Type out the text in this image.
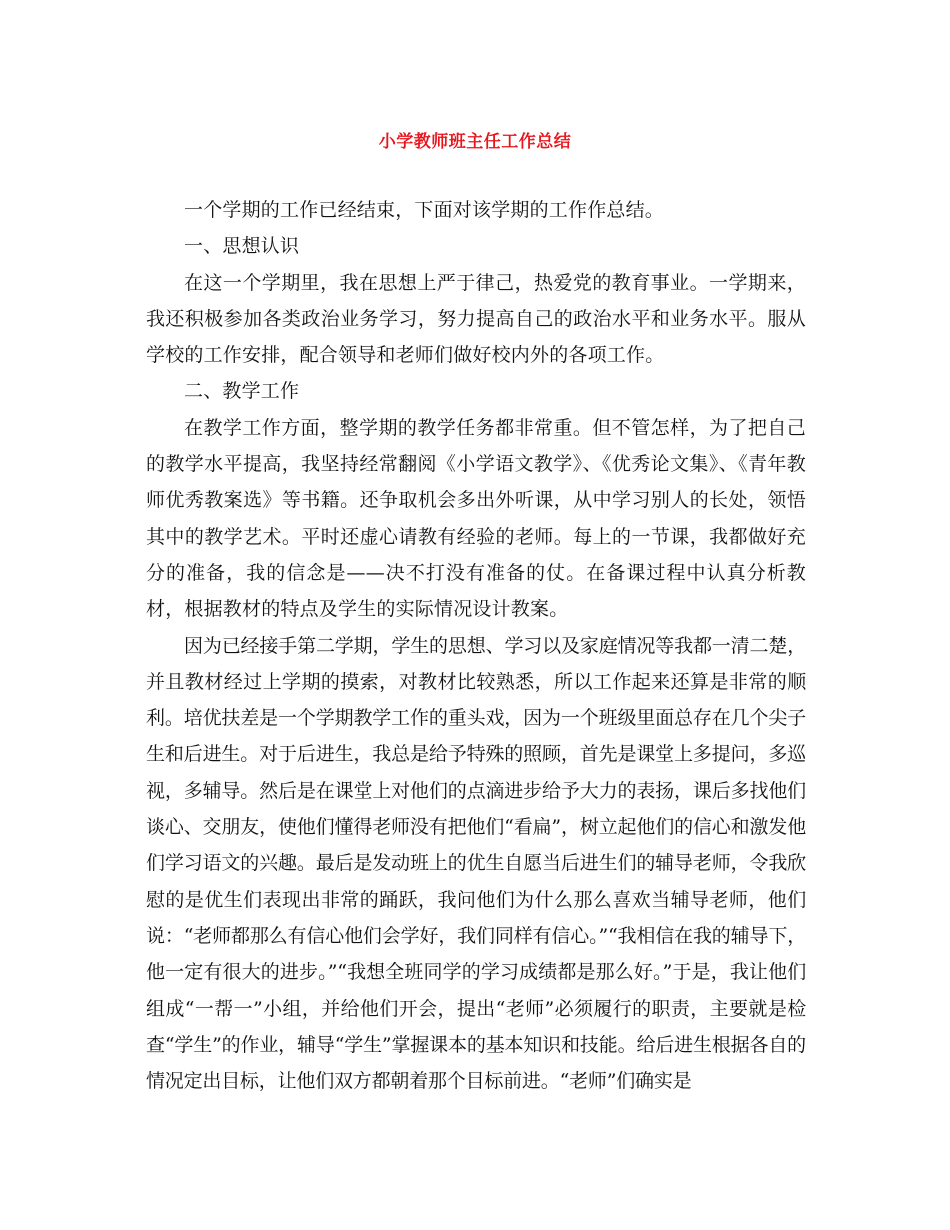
小学教师班主任工作总结

一个学期的工作已经结束，下面对该学期的工作作总结。

一、思想认识

在这一个学期里，我在思想上严于律己，热爱党的教育事业。一学期来，我还积极参加各类政治业务学习，努力提高自己的政治水平和业务水平。服从学校的工作安排，配合领导和老师们做好校内外的各项工作。

二、教学工作

在教学工作方面，整学期的教学任务都非常重。但不管怎样，为了把自己的教学水平提高，我坚持经常翻阅《小学语文教学》、《优秀论文集》、《青年教师优秀教案选》等书籍。还争取机会多出外听课，从中学习别人的长处，领悟其中的教学艺术。平时还虚心请教有经验的老师。每上的一节课，我都做好充分的准备，我的信念是——决不打没有准备的仗。在备课过程中认真分析教材，根据教材的特点及学生的实际情况设计教案。

因为已经接手第二学期，学生的思想、学习以及家庭情况等我都一清二楚，并且教材经过上学期的摸索，对教材比较熟悉，所以工作起来还算是非常的顺利。培优扶差是一个学期教学工作的重头戏，因为一个班级里面总存在几个尖子生和后进生。对于后进生，我总是给予特殊的照顾，首先是课堂上多提问，多巡视，多辅导。然后是在课堂上对他们的点滴进步给予大力的表扬，课后多找他们谈心、交朋友，使他们懂得老师没有把他们“看扁”，树立起他们的信心和激发他们学习语文的兴趣。最后是发动班上的优生自愿当后进生们的辅导老师，令我欣慰的是优生们表现出非常的踊跃，我问他们为什么那么喜欢当辅导老师，他们说：“老师都那么有信心他们会学好，我们同样有信心。”“我相信在我的辅导下，他一定有很大的进步。”“我想全班同学的学习成绩都是那么好。”于是，我让他们组成“一帮一”小组，并给他们开会，提出“老师”必须履行的职责，主要就是检查“学生”的作业，辅导“学生”掌握课本的基本知识和技能。给后进生根据各自的情况定出目标，让他们双方都朝着那个目标前进。“老师”们确实是
